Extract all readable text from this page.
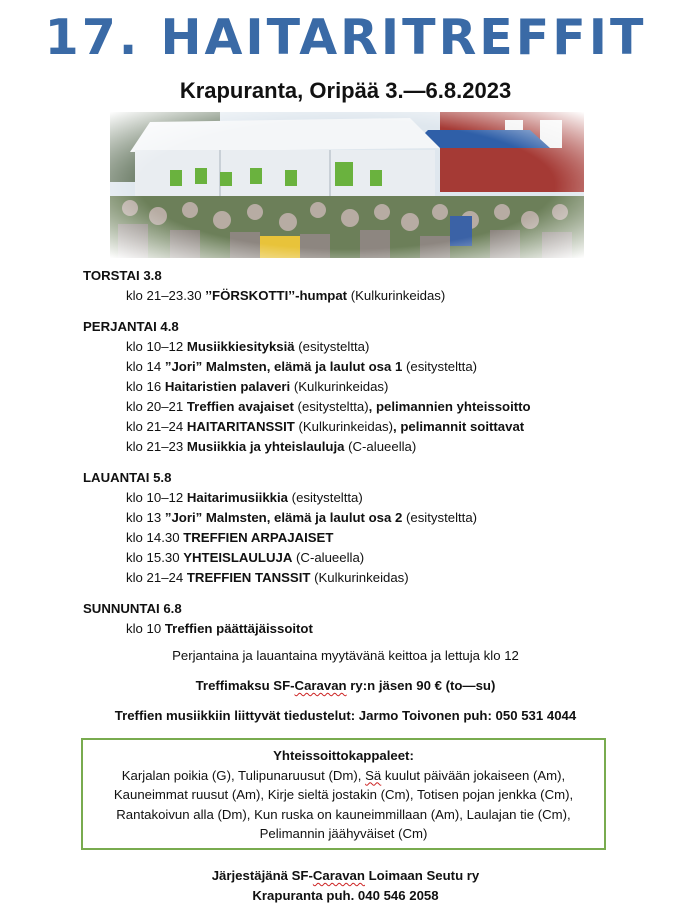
17. HAITARITREFFIT
Krapuranta, Oripää 3.—6.8.2023
TORSTAI 3.8
klo 21–23.30 ’’FÖRSKOTTI’’-humpat (Kulkurinkeidas)
PERJANTAI 4.8
klo 10–12 Musiikkiesityksiä (esitysteltta)
klo 14 ”Jori” Malmsten, elämä ja laulut osa 1 (esitysteltta)
klo 16 Haitaristien palaveri (Kulkurinkeidas)
klo 20–21 Treffien avajaiset (esitysteltta), pelimannien yhteissoitto
klo 21–24 HAITARITANSSIT (Kulkurinkeidas), pelimannit soittavat
klo 21–23 Musiikkia ja yhteislauluja (C-alueella)
LAUANTAI 5.8
klo 10–12 Haitarimusiikkia (esitysteltta)
klo 13 ”Jori” Malmsten, elämä ja laulut osa 2 (esitysteltta)
klo 14.30 TREFFIEN ARPAJAISET
klo 15.30 YHTEISLAULUJA (C-alueella)
klo 21–24 TREFFIEN TANSSIT (Kulkurinkeidas)
SUNNUNTAI 6.8
klo 10 Treffien päättäjäissoitot
Perjantaina ja lauantaina myytävänä keittoa ja lettuja klo 12
Treffimaksu SF-Caravan ry:n jäsen 90 € (to—su)
Treffien musiikkiin liittyvät tiedustelut: Jarmo Toivonen puh: 050 531 4044
Yhteissoittokappaleet:
Karjalan poikia (G), Tulipunaruusut (Dm), Sä kuulut päivään jokaiseen (Am),
Kauneimmat ruusut (Am), Kirje sieltä jostakin (Cm), Totisen pojan jenkka (Cm),
Rantakoivun alla (Dm), Kun ruska on kauneimmillaan (Am), Laulajan tie (Cm),
Pelimannin jäähyväiset (Cm)
Järjestäjänä SF-Caravan Loimaan Seutu ry
Krapuranta puh. 040 546 2058
